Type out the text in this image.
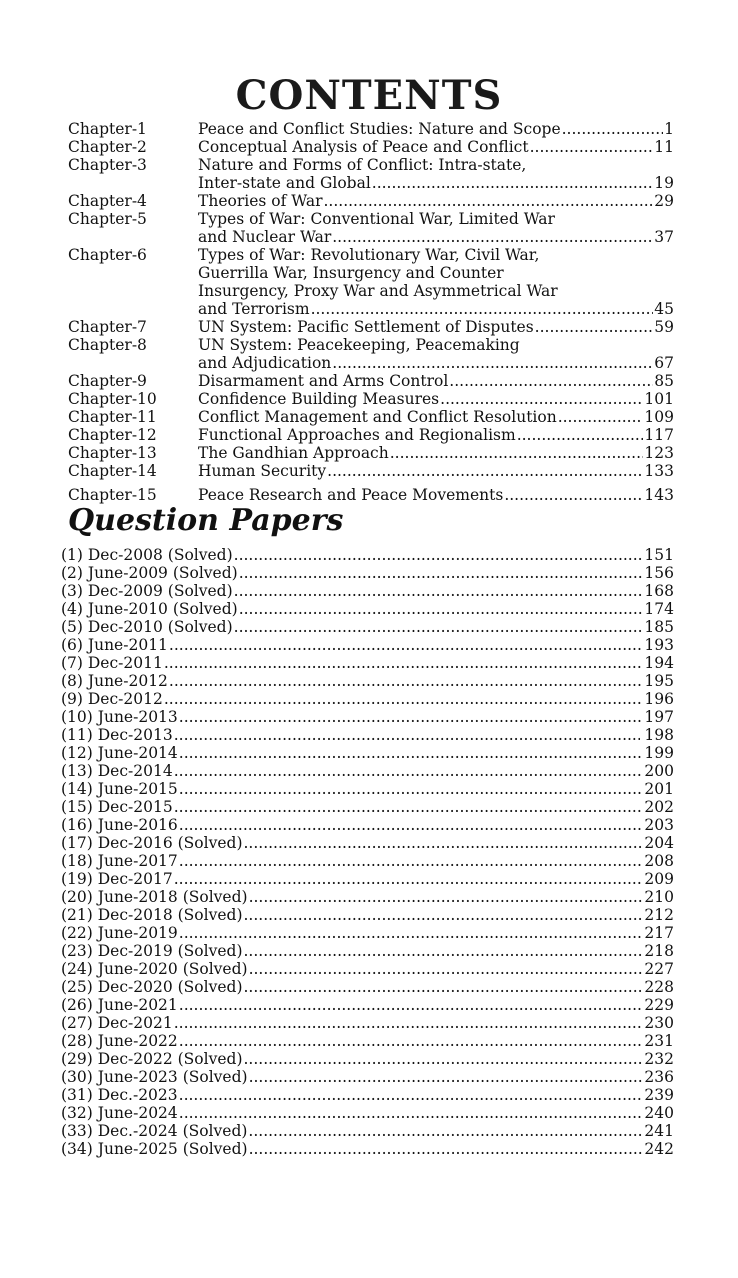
CONTENTS
Chapter-1	Peace and Conflict Studies: Nature and Scope .....	1
Chapter-2	Conceptual Analysis of Peace and Conflict .....	11
Chapter-3	Nature and Forms of Conflict: Intra-state,
Inter-state and Global .....	19
Chapter-4	Theories of War .....	29
Chapter-5	Types of War: Conventional War, Limited War
and Nuclear War .....	37
Chapter-6	Types of War: Revolutionary War, Civil War,
Guerrilla War, Insurgency and Counter
Insurgency, Proxy War and Asymmetrical War
and Terrorism .....	45
Chapter-7	UN System: Pacific Settlement of Disputes .....	59
Chapter-8	UN System: Peacekeeping, Peacemaking
and Adjudication .....	67
Chapter-9	Disarmament and Arms Control .....	85
Chapter-10	Confidence Building Measures .....	101
Chapter-11	Conflict Management and Conflict Resolution .....	109
Chapter-12	Functional Approaches and Regionalism .....	117
Chapter-13	The Gandhian Approach .....	123
Chapter-14	Human Security .....	133
Chapter-15	Peace Research and Peace Movements .....	143
Question Papers
(1) Dec-2008 (Solved) .....	151
(2) June-2009 (Solved) .....	156
(3) Dec-2009 (Solved) .....	168
(4) June-2010 (Solved) .....	174
(5) Dec-2010 (Solved) .....	185
(6) June-2011 .....	193
(7) Dec-2011 .....	194
(8) June-2012 .....	195
(9) Dec-2012 .....	196
(10) June-2013 .....	197
(11) Dec-2013 .....	198
(12) June-2014 .....	199
(13) Dec-2014 .....	200
(14) June-2015 .....	201
(15) Dec-2015 .....	202
(16) June-2016 .....	203
(17) Dec-2016 (Solved) .....	204
(18) June-2017 .....	208
(19) Dec-2017 .....	209
(20) June-2018 (Solved) .....	210
(21) Dec-2018 (Solved) .....	212
(22) June-2019 .....	217
(23) Dec-2019 (Solved) .....	218
(24) June-2020 (Solved) .....	227
(25) Dec-2020 (Solved) .....	228
(26) June-2021 .....	229
(27) Dec-2021 .....	230
(28) June-2022 .....	231
(29) Dec-2022 (Solved) .....	232
(30) June-2023 (Solved) .....	236
(31) Dec.-2023 .....	239
(32) June-2024 .....	240
(33) Dec.-2024 (Solved) .....	241
(34) June-2025 (Solved) .....	242
